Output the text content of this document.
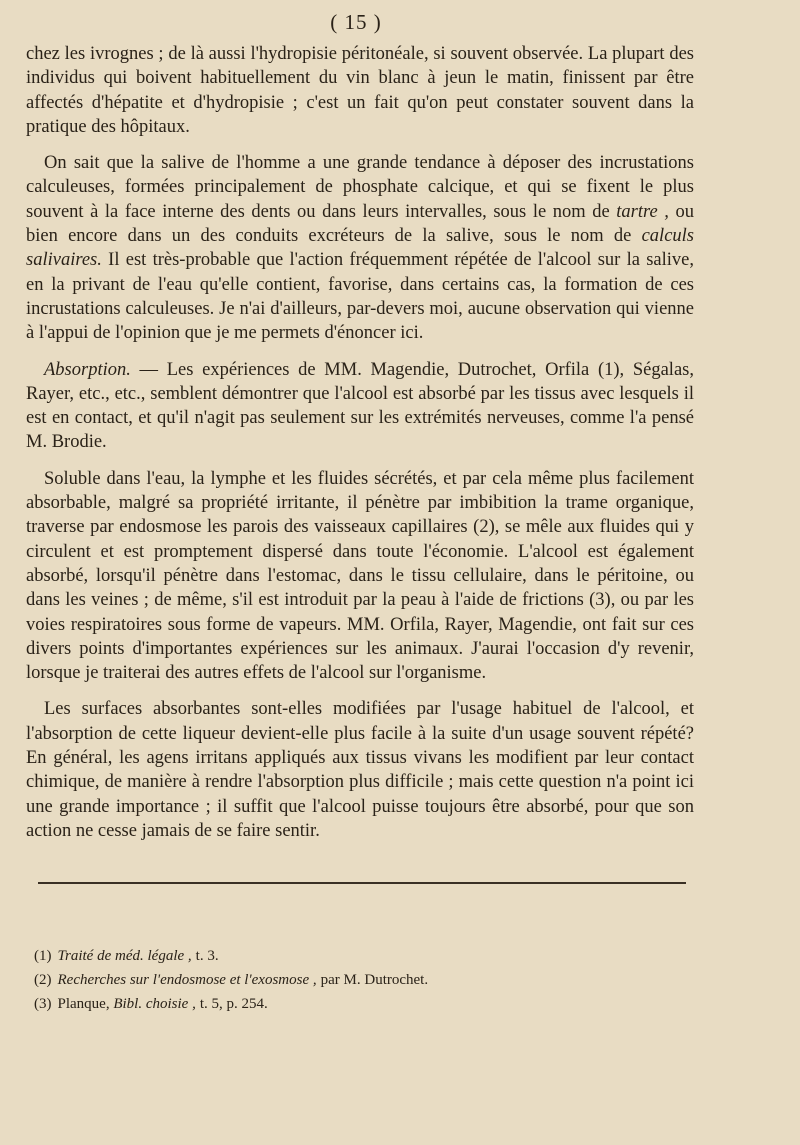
( 15 )

chez les ivrognes ; de là aussi l'hydropisie péritonéale, si souvent observée. La plupart des individus qui boivent habituellement du vin blanc à jeun le matin, finissent par être affectés d'hépatite et d'hydropisie ; c'est un fait qu'on peut constater souvent dans la pratique des hôpitaux.

On sait que la salive de l'homme a une grande tendance à déposer des incrustations calculeuses, formées principalement de phosphate calcique, et qui se fixent le plus souvent à la face interne des dents ou dans leurs intervalles, sous le nom de tartre , ou bien encore dans un des conduits excréteurs de la salive, sous le nom de calculs salivaires. Il est très-probable que l'action fréquemment répétée de l'alcool sur la salive, en la privant de l'eau qu'elle contient, favorise, dans certains cas, la formation de ces incrustations calculeuses. Je n'ai d'ailleurs, par-devers moi, aucune observation qui vienne à l'appui de l'opinion que je me permets d'énoncer ici.

Absorption. — Les expériences de MM. Magendie, Dutrochet, Orfila (1), Ségalas, Rayer, etc., etc., semblent démontrer que l'alcool est absorbé par les tissus avec lesquels il est en contact, et qu'il n'agit pas seulement sur les extrémités nerveuses, comme l'a pensé M. Brodie.

Soluble dans l'eau, la lymphe et les fluides sécrétés, et par cela même plus facilement absorbable, malgré sa propriété irritante, il pénètre par imbibition la trame organique, traverse par endosmose les parois des vaisseaux capillaires (2), se mêle aux fluides qui y circulent et est promptement dispersé dans toute l'économie. L'alcool est également absorbé, lorsqu'il pénètre dans l'estomac, dans le tissu cellulaire, dans le péritoine, ou dans les veines ; de même, s'il est introduit par la peau à l'aide de frictions (3), ou par les voies respiratoires sous forme de vapeurs. MM. Orfila, Rayer, Magendie, ont fait sur ces divers points d'importantes expériences sur les animaux. J'aurai l'occasion d'y revenir, lorsque je traiterai des autres effets de l'alcool sur l'organisme.

Les surfaces absorbantes sont-elles modifiées par l'usage habituel de l'alcool, et l'absorption de cette liqueur devient-elle plus facile à la suite d'un usage souvent répété? En général, les agens irritans appliqués aux tissus vivans les modifient par leur contact chimique, de manière à rendre l'absorption plus difficile ; mais cette question n'a point ici une grande importance ; il suffit que l'alcool puisse toujours être absorbé, pour que son action ne cesse jamais de se faire sentir.

(1) Traité de méd. légale , t. 3.
(2) Recherches sur l'endosmose et l'exosmose , par M. Dutrochet.
(3) Planque, Bibl. choisie , t. 5, p. 254.
